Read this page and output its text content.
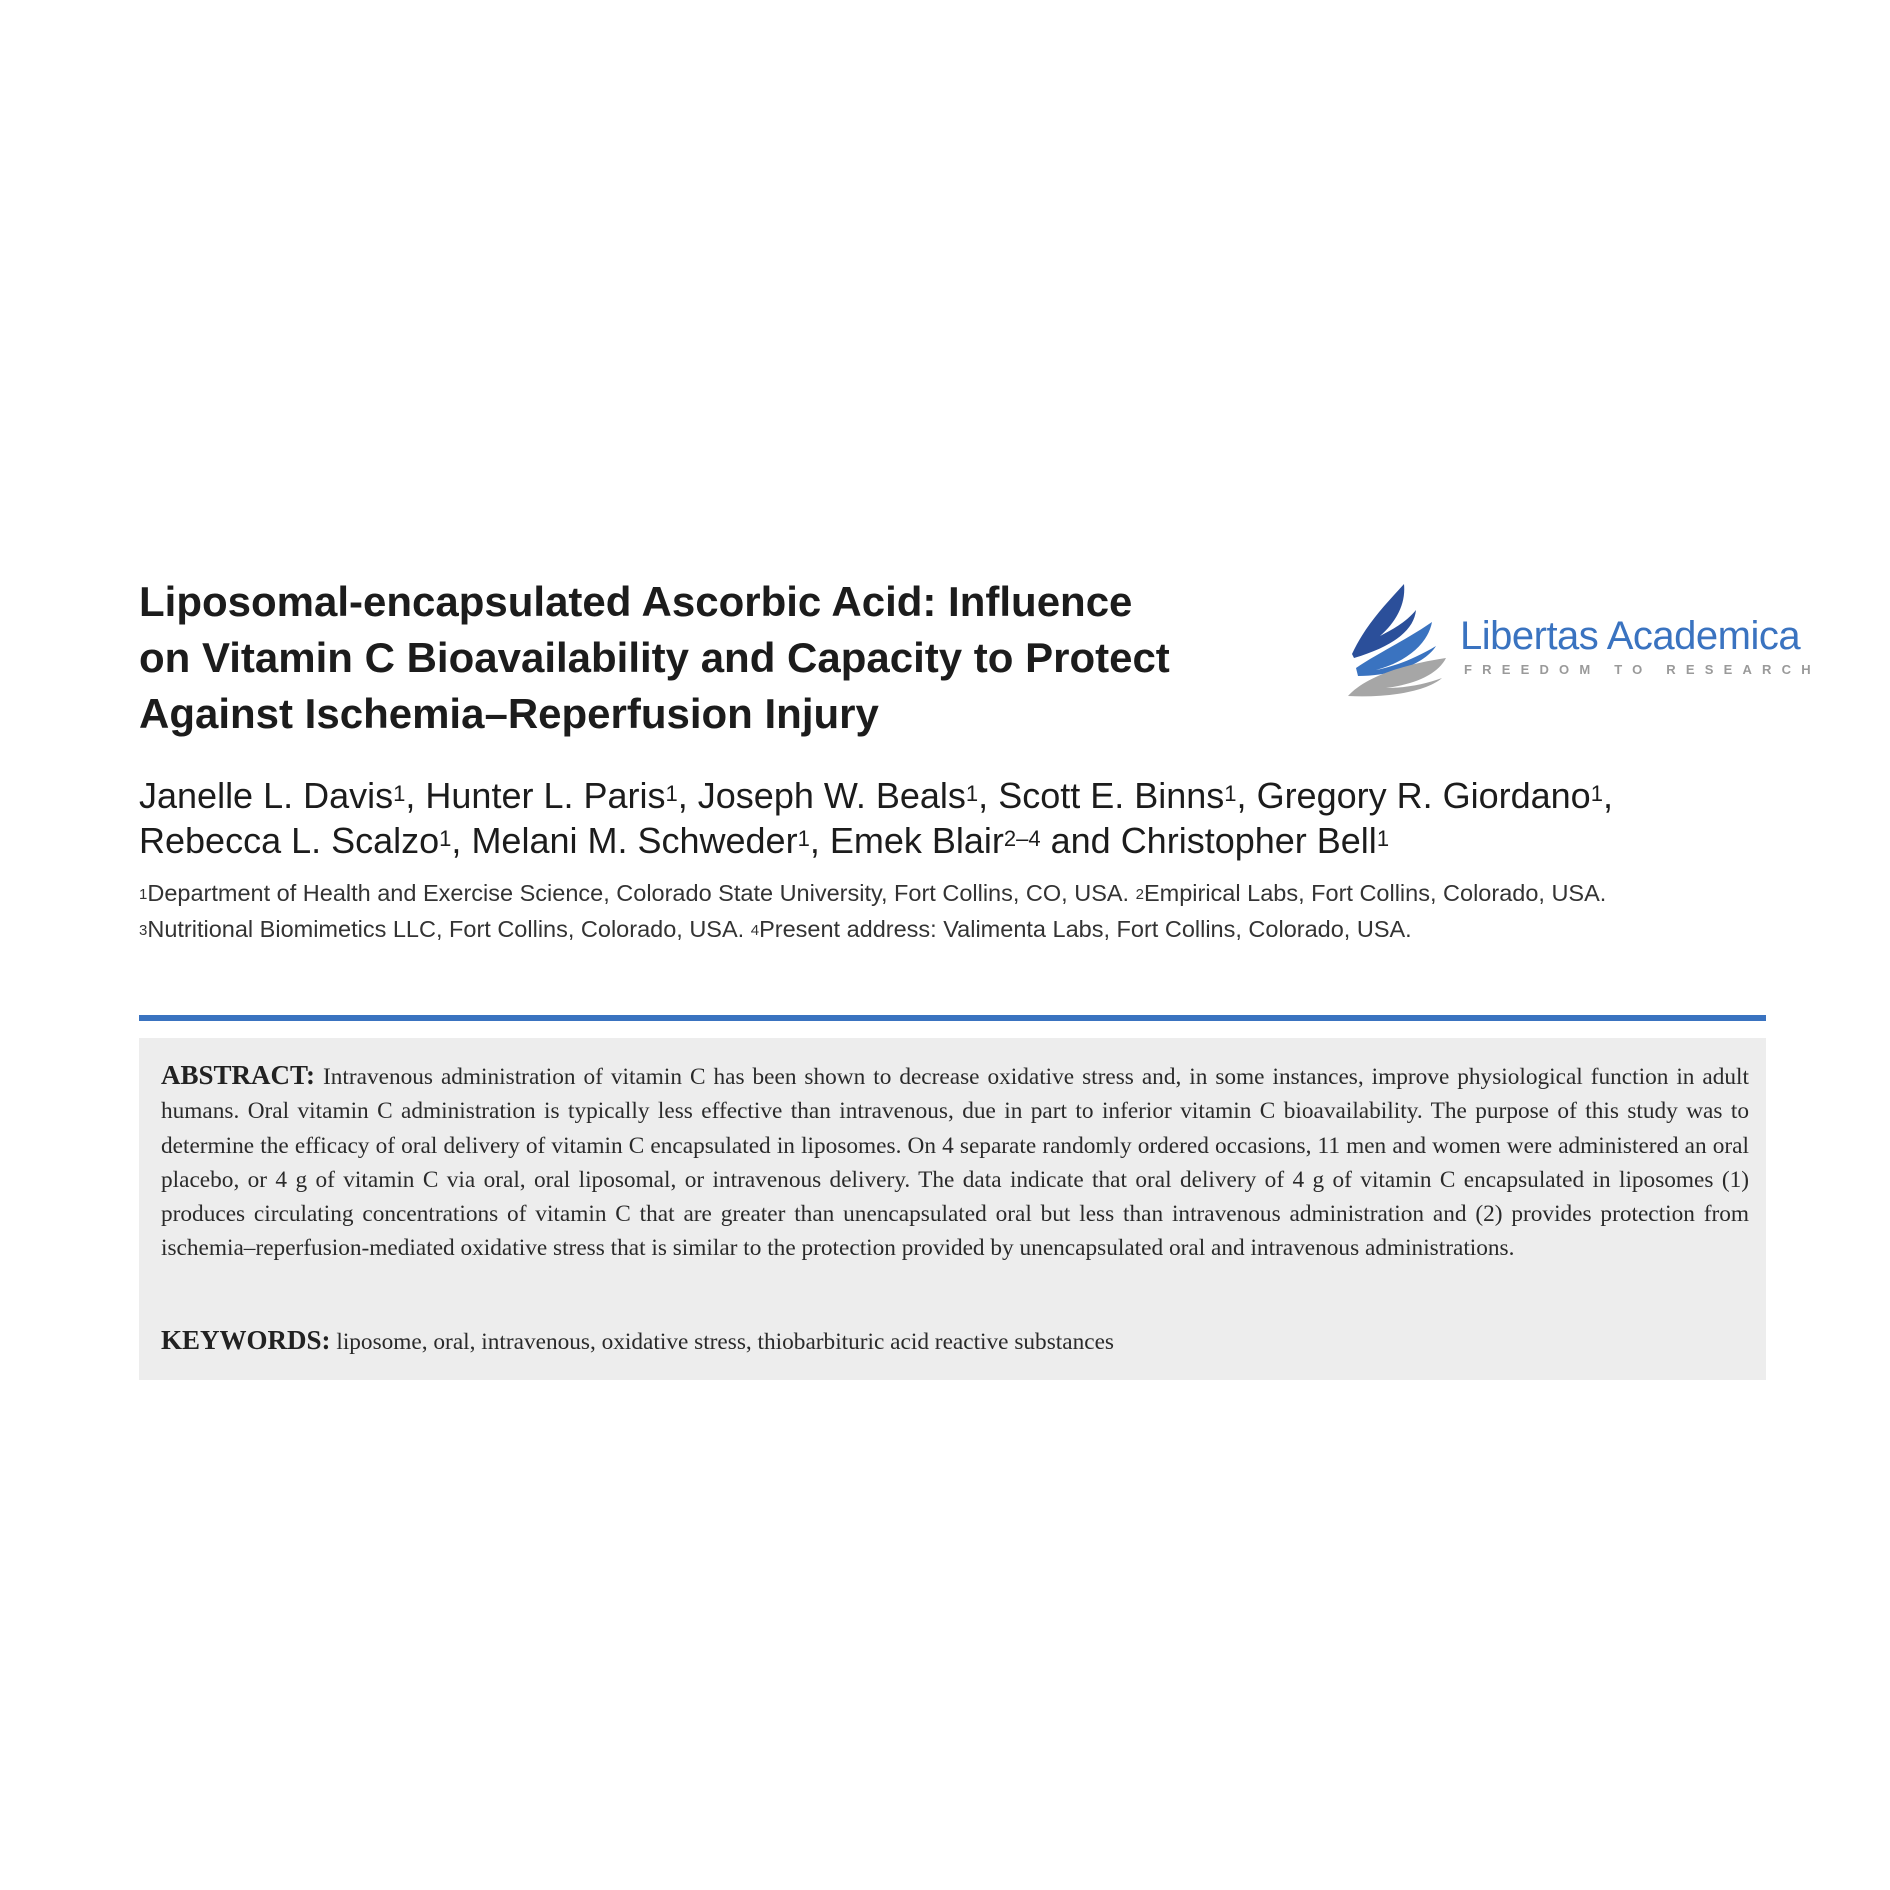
Liposomal-encapsulated Ascorbic Acid: Influence
on Vitamin C Bioavailability and Capacity to Protect
Against Ischemia–Reperfusion Injury
Libertas Academica
FREEDOM TO RESEARCH
Janelle L. Davis$^1$, Hunter L. Paris$^1$, Joseph W. Beals$^1$, Scott E. Binns$^1$, Gregory R. Giordano$^1$,
Rebecca L. Scalzo$^1$, Melani M. Schweder$^1$, Emek Blair$^{2-4}$ and Christopher Bell$^1$
$^1$Department of Health and Exercise Science, Colorado State University, Fort Collins, CO, USA. $^2$Empirical Labs, Fort Collins, Colorado, USA.
$^3$Nutritional Biomimetics LLC, Fort Collins, Colorado, USA. $^4$Present address: Valimenta Labs, Fort Collins, Colorado, USA.

ABSTRACT: Intravenous administration of vitamin C has been shown to decrease oxidative stress and, in some instances, improve physiological function in adult humans. Oral vitamin C administration is typically less effective than intravenous, due in part to inferior vitamin C bioavailability. The purpose of this study was to determine the efficacy of oral delivery of vitamin C encapsulated in liposomes. On 4 separate randomly ordered occasions, 11 men and women were administered an oral placebo, or 4 g of vitamin C via oral, oral liposomal, or intravenous delivery. The data indicate that oral delivery of 4 g of vitamin C encapsulated in liposomes (1) produces circulating concentrations of vitamin C that are greater than unencapsulated oral but less than intravenous administration and (2) provides protection from ischemia–reperfusion-mediated oxidative stress that is similar to the protection provided by unencapsulated oral and intravenous administrations.

KEYWORDS: liposome, oral, intravenous, oxidative stress, thiobarbituric acid reactive substances
